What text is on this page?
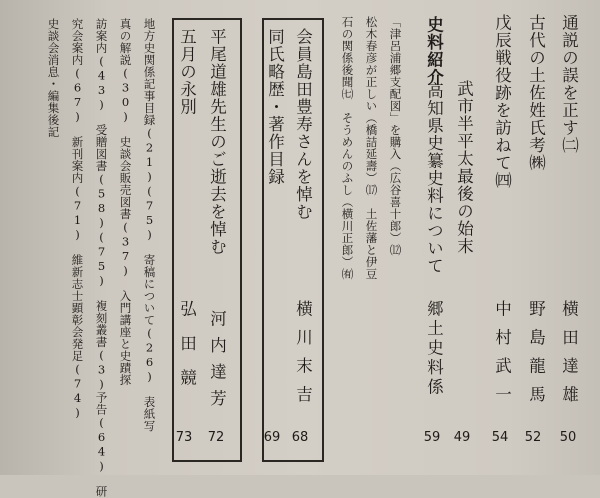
通説の誤を正す㈡
横田達雄
50
古代の土佐姓氏考㈱
野島龍馬
52
戊辰戦役跡を訪ねて㈣
中村武一
54
武市半平太最後の始末
49
史料紹介
高知県史纂史料について
郷土史料係
59
「津呂浦郷支配図」を購入（広谷喜十郎）⑿
松木春彦が正しい（橋詰延壽）⒄　土佐藩と伊豆
石の関係後聞㈦　そうめんのふし（横川正郎）㈲
会員島田豊寿さんを悼む
横川末吉
68
同氏略歴・著作目録
69
平尾道雄先生のご逝去を悼む
河内達芳
72
五月の永別
弘田競
73
地方史関係記事目録(21)(75)　寄稿について(26)　表紙写
真の解説(30)　史談会販売図書(37)　入門講座と史蹟探
訪案内(43)　受贈図書(58)(75)　複刻叢書(3)予告(64)　研
究会案内(67)　新刊案内(71)　維新志士顕彰会発足(74)
史談会消息・編集後記
